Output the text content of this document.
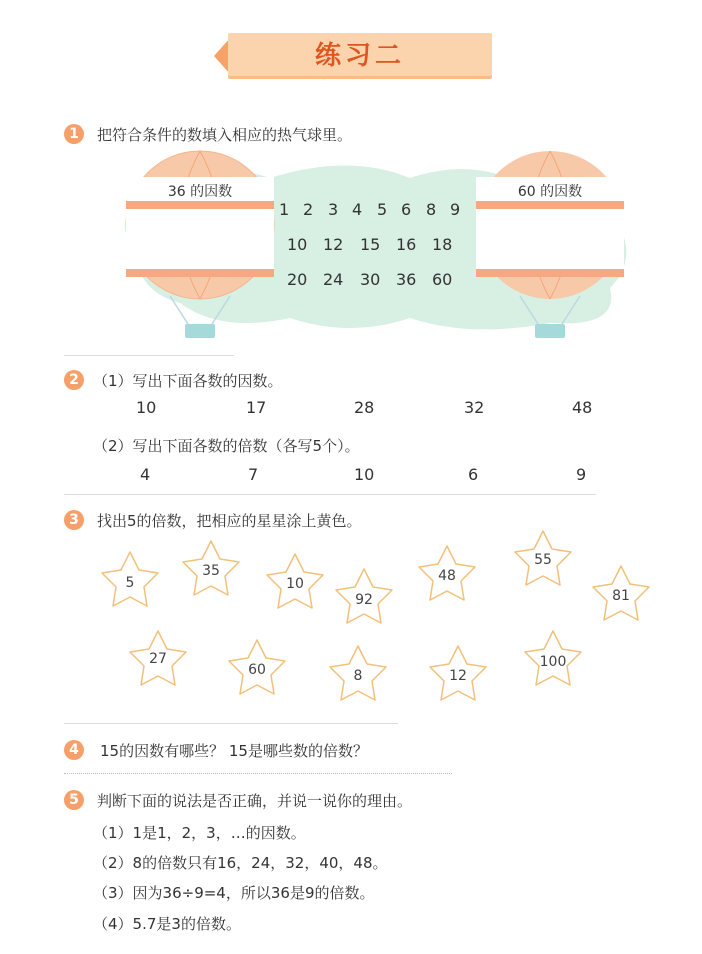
练习二
1	把符合条件的数填入相应的热气球里。
36 的因数	60 的因数
1 2 3 4 5 6 8 9
10 12 15 16 18
20 24 30 36 60
2 （1）写出下面各数的因数。
10	17	28	32	48
（2）写出下面各数的倍数（各写5个）。
4	7	10	6	9
3	找出5的倍数，把相应的星星涂上黄色。
5
35
10
92
48
55
81
27
60	8	12
100
4	15的因数有哪些？ 15是哪些数的倍数？
5	判断下面的说法是否正确，并说一说你的理由。
（1）1是1，2，3，…的因数。
（2）8的倍数只有16，24，32，40，48。
（3）因为36÷9=4，所以36是9的倍数。
（4）5.7是3的倍数。
